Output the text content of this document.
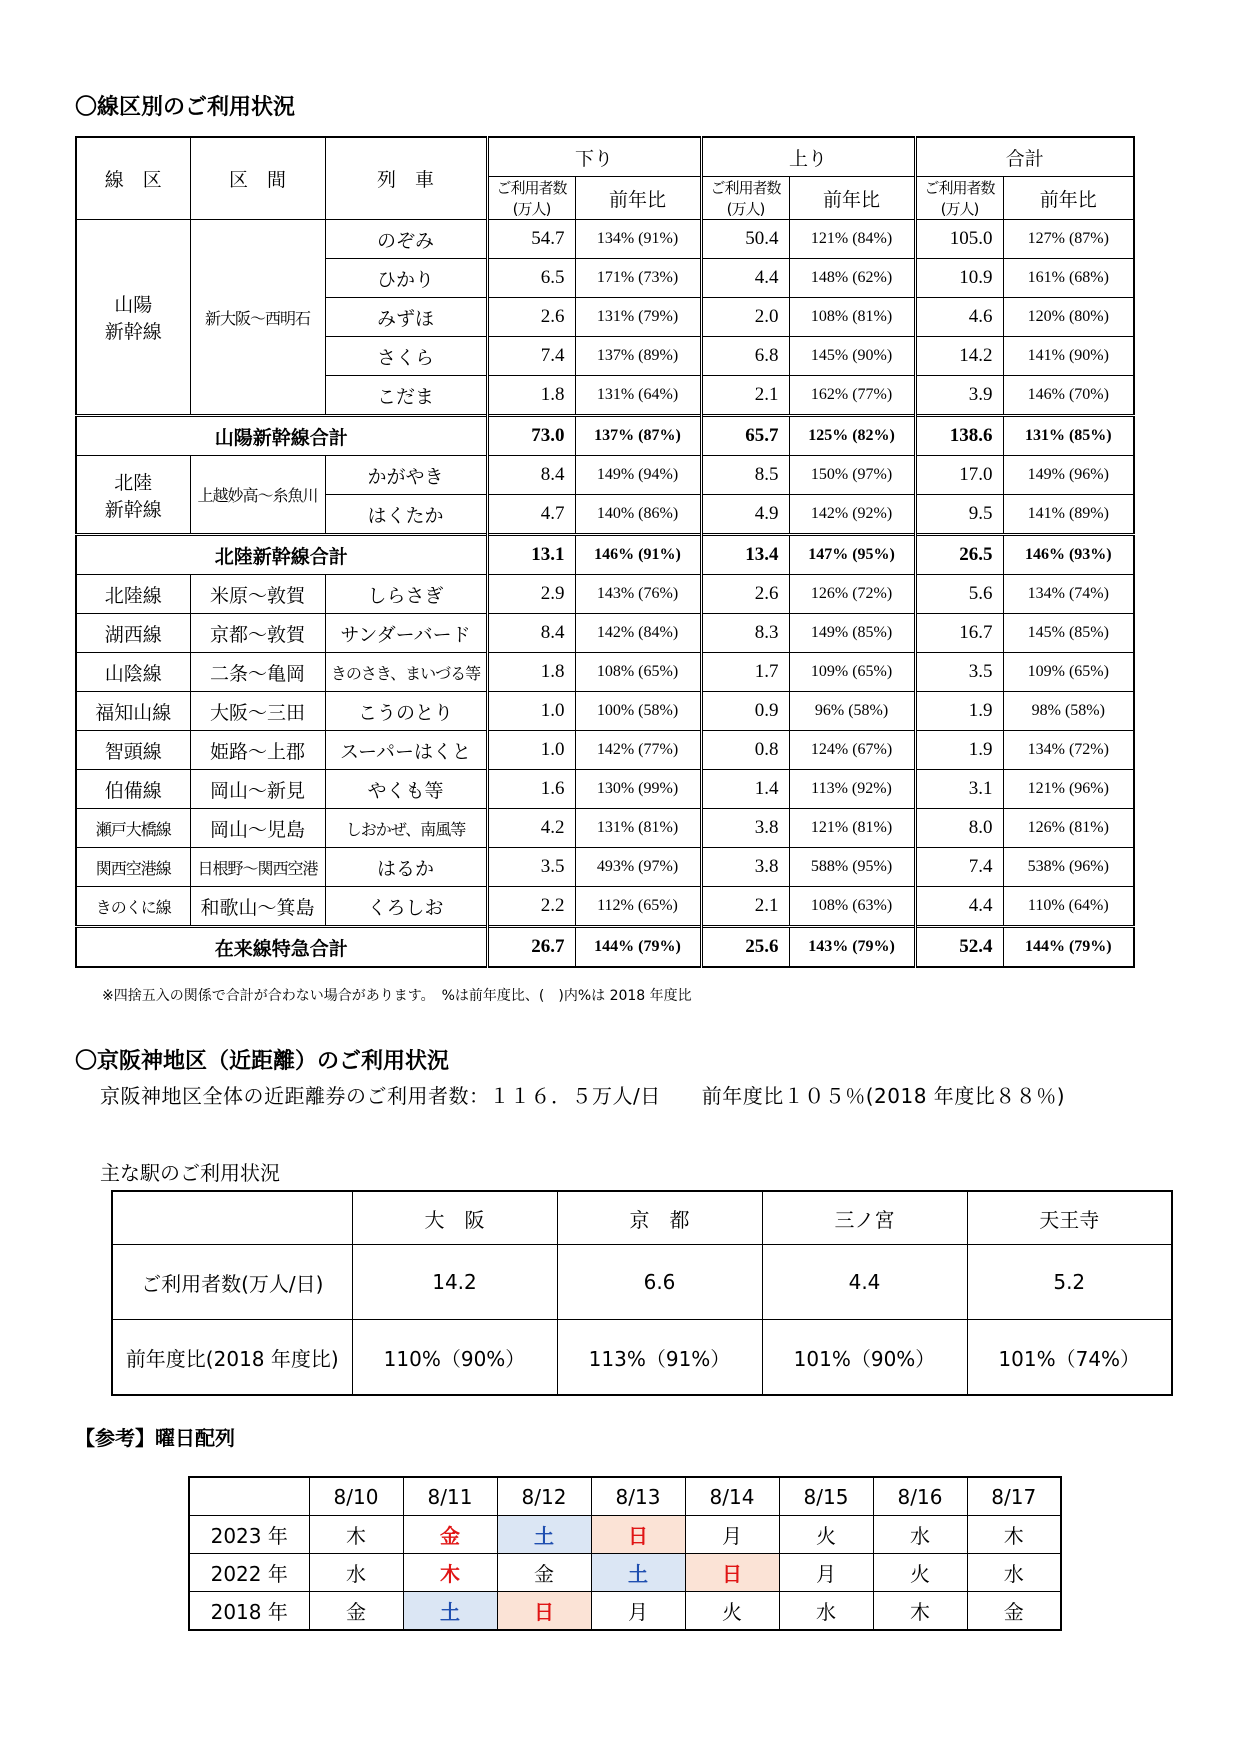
〇線区別のご利用状況
線　区	区　間	列　車	下り		上り		合計	
			ご利用者数(万人)	前年比	ご利用者数(万人)	前年比	ご利用者数(万人)	前年比
山陽
新幹線	新大阪〜西明石	のぞみ	54.7	134% (91%)	50.4	121% (84%)	105.0	127% (87%)
		ひかり	6.5	171% (73%)	4.4	148% (62%)	10.9	161% (68%)
		みずほ	2.6	131% (79%)	2.0	108% (81%)	4.6	120% (80%)
		さくら	7.4	137% (89%)	6.8	145% (90%)	14.2	141% (90%)
		こだま	1.8	131% (64%)	2.1	162% (77%)	3.9	146% (70%)
山陽新幹線合計			73.0	137% (87%)	65.7	125% (82%)	138.6	131% (85%)
北陸
新幹線	上越妙高〜糸魚川	かがやき	8.4	149% (94%)	8.5	150% (97%)	17.0	149% (96%)
		はくたか	4.7	140% (86%)	4.9	142% (92%)	9.5	141% (89%)
北陸新幹線合計			13.1	146% (91%)	13.4	147% (95%)	26.5	146% (93%)
北陸線	米原〜敦賀	しらさぎ	2.9	143% (76%)	2.6	126% (72%)	5.6	134% (74%)
湖西線	京都〜敦賀	サンダーバード	8.4	142% (84%)	8.3	149% (85%)	16.7	145% (85%)
山陰線	二条〜亀岡	きのさき、まいづる等	1.8	108% (65%)	1.7	109% (65%)	3.5	109% (65%)
福知山線	大阪〜三田	こうのとり	1.0	100% (58%)	0.9	96% (58%)	1.9	98% (58%)
智頭線	姫路〜上郡	スーパーはくと	1.0	142% (77%)	0.8	124% (67%)	1.9	134% (72%)
伯備線	岡山〜新見	やくも等	1.6	130% (99%)	1.4	113% (92%)	3.1	121% (96%)
瀬戸大橋線	岡山〜児島	しおかぜ、南風等	4.2	131% (81%)	3.8	121% (81%)	8.0	126% (81%)
関西空港線	日根野〜関西空港	はるか	3.5	493% (97%)	3.8	588% (95%)	7.4	538% (96%)
きのくに線	和歌山〜箕島	くろしお	2.2	112% (65%)	2.1	108% (63%)	4.4	110% (64%)
在来線特急合計			26.7	144% (79%)	25.6	143% (79%)	52.4	144% (79%)
※四捨五入の関係で合計が合わない場合があります。　%は前年度比、(　)内%は 2018 年度比
〇京阪神地区（近距離）のご利用状況
京阪神地区全体の近距離券のご利用者数：１１６．５万人/日　　前年度比１０５％(2018 年度比８８％)
主な駅のご利用状況
	大　阪	京　都	三ノ宮	天王寺
ご利用者数(万人/日)	14.2	6.6	4.4	5.2
前年度比(2018 年度比)	110%（90%）	113%（91%）	101%（90%）	101%（74%）
【参考】曜日配列
	8/10	8/11	8/12	8/13	8/14	8/15	8/16	8/17
2023 年	木	金	土	日	月	火	水	木
2022 年	水	木	金	土	日	月	火	水
2018 年	金	土	日	月	火	水	木	金
